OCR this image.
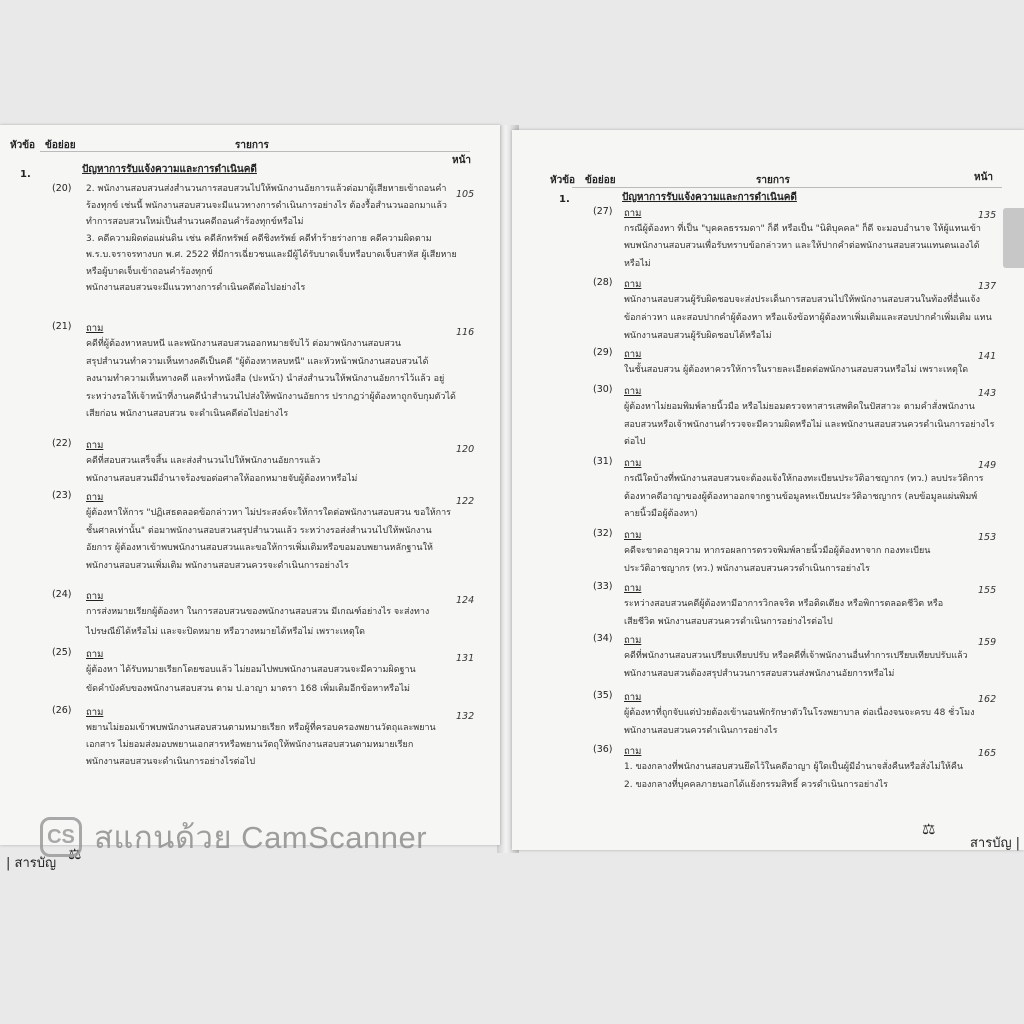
หัวข้อ ข้อย่อย	รายการ
หน้า
1.	ปัญหาการรับแจ้งความและการดำเนินคดี
(20)
105
2. พนักงานสอบสวนส่งสำนวนการสอบสวนไปให้พนักงานอัยการแล้วต่อมาผู้เสียหายเข้าถอนคำ
ร้องทุกข์ เช่นนี้ พนักงานสอบสวนจะมีแนวทางการดำเนินการอย่างไร ต้องรื้อสำนวนออกมาแล้ว
ทำการสอบสวนใหม่เป็นสำนวนคดีถอนคำร้องทุกข์หรือไม่
3. คดีความผิดต่อแผ่นดิน เช่น คดีลักทรัพย์ คดีชิงทรัพย์ คดีทำร้ายร่างกาย คดีความผิดตาม
พ.ร.บ.จราจรทางบก พ.ศ. 2522 ที่มีการเฉี่ยวชนและมีผู้ได้รับบาดเจ็บหรือบาดเจ็บสาหัส ผู้เสียหาย
หรือผู้บาดเจ็บเข้าถอนคำร้องทุกข์
พนักงานสอบสวนจะมีแนวทางการดำเนินคดีต่อไปอย่างไร
(21) ถาม	116
คดีที่ผู้ต้องหาหลบหนี และพนักงานสอบสวนออกหมายจับไว้ ต่อมาพนักงานสอบสวน
สรุปสำนวนทำความเห็นทางคดีเป็นคดี "ผู้ต้องหาหลบหนี" และหัวหน้าพนักงานสอบสวนได้
ลงนามทำความเห็นทางคดี และทำหนังสือ (ปะหน้า) นำส่งสำนวนให้พนักงานอัยการไว้แล้ว อยู่
ระหว่างรอให้เจ้าหน้าที่งานคดีนำสำนวนไปส่งให้พนักงานอัยการ ปรากฏว่าผู้ต้องหาถูกจับกุมตัวได้
เสียก่อน พนักงานสอบสวน จะดำเนินคดีต่อไปอย่างไร
(22) ถาม	120
คดีที่สอบสวนเสร็จสิ้น และส่งสำนวนไปให้พนักงานอัยการแล้ว
พนักงานสอบสวนมีอำนาจร้องขอต่อศาลให้ออกหมายจับผู้ต้องหาหรือไม่
(23) ถาม	122
ผู้ต้องหาให้การ "ปฏิเสธตลอดข้อกล่าวหา ไม่ประสงค์จะให้การใดต่อพนักงานสอบสวน ขอให้การ
ชั้นศาลเท่านั้น" ต่อมาพนักงานสอบสวนสรุปสำนวนแล้ว ระหว่างรอส่งสำนวนไปให้พนักงาน
อัยการ ผู้ต้องหาเข้าพบพนักงานสอบสวนและขอให้การเพิ่มเติมหรือขอมอบพยานหลักฐานให้
พนักงานสอบสวนเพิ่มเติม พนักงานสอบสวนควรจะดำเนินการอย่างไร
(24) ถาม	124
การส่งหมายเรียกผู้ต้องหา ในการสอบสวนของพนักงานสอบสวน มีเกณฑ์อย่างไร จะส่งทาง
ไปรษณีย์ได้หรือไม่ และจะปิดหมาย หรือวางหมายได้หรือไม่ เพราะเหตุใด
(25) ถาม	131
ผู้ต้องหา ได้รับหมายเรียกโดยชอบแล้ว ไม่ยอมไปพบพนักงานสอบสวนจะมีความผิดฐาน
ขัดคำบังคับของพนักงานสอบสวน ตาม ป.อาญา มาตรา 168 เพิ่มเติมอีกข้อหาหรือไม่
(26) ถาม	132
พยานไม่ยอมเข้าพบพนักงานสอบสวนตามหมายเรียก หรือผู้ที่ครอบครองพยานวัตถุและพยาน
เอกสาร ไม่ยอมส่งมอบพยานเอกสารหรือพยานวัตถุให้พนักงานสอบสวนตามหมายเรียก
พนักงานสอบสวนจะดำเนินการอย่างไรต่อไป
| สารบัญ
⚖
หัวข้อ ข้อย่อย	รายการ	หน้า
1.	ปัญหาการรับแจ้งความและการดำเนินคดี
(27) ถาม	135
กรณีผู้ต้องหา ที่เป็น "บุคคลธรรมดา" ก็ดี หรือเป็น "นิติบุคคล" ก็ดี จะมอบอำนาจ ให้ผู้แทนเข้า
พบพนักงานสอบสวนเพื่อรับทราบข้อกล่าวหา และให้ปากคำต่อพนักงานสอบสวนแทนตนเองได้
หรือไม่
(28) ถาม	137
พนักงานสอบสวนผู้รับผิดชอบจะส่งประเด็นการสอบสวนไปให้พนักงานสอบสวนในท้องที่อื่นแจ้ง
ข้อกล่าวหา และสอบปากคำผู้ต้องหา หรือแจ้งข้อหาผู้ต้องหาเพิ่มเติมและสอบปากคำเพิ่มเติม แทน
พนักงานสอบสวนผู้รับผิดชอบได้หรือไม่
(29) ถาม	141
ในชั้นสอบสวน ผู้ต้องหาควรให้การในรายละเอียดต่อพนักงานสอบสวนหรือไม่ เพราะเหตุใด
(30) ถาม	143
ผู้ต้องหาไม่ยอมพิมพ์ลายนิ้วมือ หรือไม่ยอมตรวจหาสารเสพติดในปัสสาวะ ตามคำสั่งพนักงาน
สอบสวนหรือเจ้าพนักงานตำรวจจะมีความผิดหรือไม่ และพนักงานสอบสวนควรดำเนินการอย่างไร
ต่อไป
(31) ถาม	149
กรณีใดบ้างที่พนักงานสอบสวนจะต้องแจ้งให้กองทะเบียนประวัติอาชญากร (ทว.) ลบประวัติการ
ต้องหาคดีอาญาของผู้ต้องหาออกจากฐานข้อมูลทะเบียนประวัติอาชญากร (ลบข้อมูลแผ่นพิมพ์
ลายนิ้วมือผู้ต้องหา)
(32) ถาม	153
คดีจะขาดอายุความ หากรอผลการตรวจพิมพ์ลายนิ้วมือผู้ต้องหาจาก กองทะเบียน
ประวัติอาชญากร (ทว.) พนักงานสอบสวนควรดำเนินการอย่างไร
(33) ถาม	155
ระหว่างสอบสวนคดีผู้ต้องหามีอาการวิกลจริต หรือติดเตียง หรือพิการตลอดชีวิต หรือ
เสียชีวิต พนักงานสอบสวนควรดำเนินการอย่างไรต่อไป
(34) ถาม	159
คดีที่พนักงานสอบสวนเปรียบเทียบปรับ หรือคดีที่เจ้าพนักงานอื่นทำการเปรียบเทียบปรับแล้ว
พนักงานสอบสวนต้องสรุปสำนวนการสอบสวนส่งพนักงานอัยการหรือไม่
(35) ถาม	162
ผู้ต้องหาที่ถูกจับแต่ป่วยต้องเข้านอนพักรักษาตัวในโรงพยาบาล ต่อเนื่องจนจะครบ 48 ชั่วโมง
พนักงานสอบสวนควรดำเนินการอย่างไร
(36) ถาม	165
1. ของกลางที่พนักงานสอบสวนยึดไว้ในคดีอาญา ผู้ใดเป็นผู้มีอำนาจสั่งคืนหรือสั่งไม่ให้คืน
2. ของกลางที่บุคคลภายนอกได้แย้งกรรมสิทธิ์ ควรดำเนินการอย่างไร
สารบัญ |
⚖
CS สแกนด้วย CamScanner
